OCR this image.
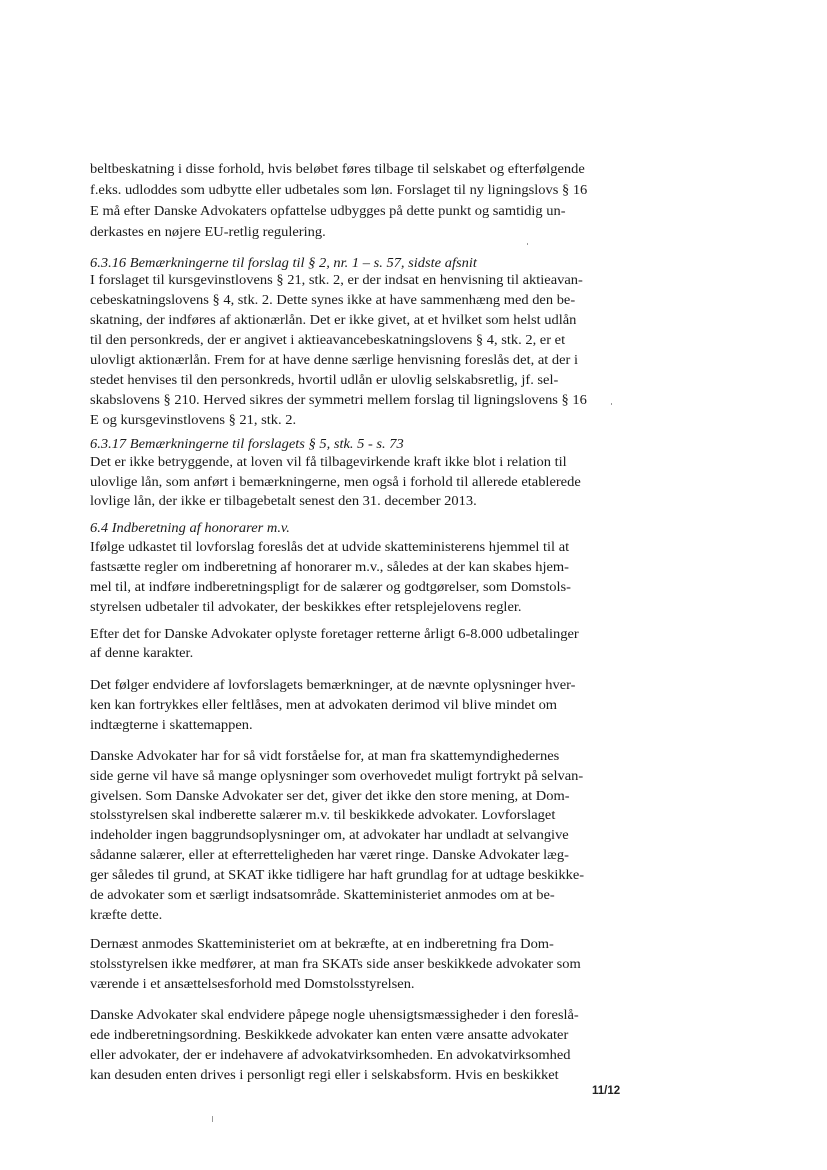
beltbeskatning i disse forhold, hvis beløbet føres tilbage til selskabet og efterfølgende
f.eks. udloddes som udbytte eller udbetales som løn. Forslaget til ny ligningslovs § 16
E må efter Danske Advokaters opfattelse udbygges på dette punkt og samtidig un-
derkastes en nøjere EU-retlig regulering.
6.3.16 Bemærkningerne til forslag til § 2, nr. 1 – s. 57, sidste afsnit
I forslaget til kursgevinstlovens § 21, stk. 2, er der indsat en henvisning til aktieavan-
cebeskatningslovens § 4, stk. 2. Dette synes ikke at have sammenhæng med den be-
skatning, der indføres af aktionærlån. Det er ikke givet, at et hvilket som helst udlån
til den personkreds, der er angivet i aktieavancebeskatningslovens § 4, stk. 2, er et
ulovligt aktionærlån. Frem for at have denne særlige henvisning foreslås det, at der i
stedet henvises til den personkreds, hvortil udlån er ulovlig selskabsretlig, jf. sel-
skabslovens § 210. Herved sikres der symmetri mellem forslag til ligningslovens § 16
E og kursgevinstlovens § 21, stk. 2.
6.3.17 Bemærkningerne til forslagets § 5, stk. 5 - s. 73
Det er ikke betryggende, at loven vil få tilbagevirkende kraft ikke blot i relation til
ulovlige lån, som anført i bemærkningerne, men også i forhold til allerede etablerede
lovlige lån, der ikke er tilbagebetalt senest den 31. december 2013.
6.4 Indberetning af honorarer m.v.
Ifølge udkastet til lovforslag foreslås det at udvide skatteministerens hjemmel til at
fastsætte regler om indberetning af honorarer m.v., således at der kan skabes hjem-
mel til, at indføre indberetningspligt for de salærer og godtgørelser, som Domstols-
styrelsen udbetaler til advokater, der beskikkes efter retsplejelovens regler.
Efter det for Danske Advokater oplyste foretager retterne årligt 6-8.000 udbetalinger
af denne karakter.
Det følger endvidere af lovforslagets bemærkninger, at de nævnte oplysninger hver-
ken kan fortrykkes eller feltlåses, men at advokaten derimod vil blive mindet om
indtægterne i skattemappen.
Danske Advokater har for så vidt forståelse for, at man fra skattemyndighedernes
side gerne vil have så mange oplysninger som overhovedet muligt fortrykt på selvan-
givelsen. Som Danske Advokater ser det, giver det ikke den store mening, at Dom-
stolsstyrelsen skal indberette salærer m.v. til beskikkede advokater. Lovforslaget
indeholder ingen baggrundsoplysninger om, at advokater har undladt at selvangive
sådanne salærer, eller at efterretteligheden har været ringe. Danske Advokater læg-
ger således til grund, at SKAT ikke tidligere har haft grundlag for at udtage beskikke-
de advokater som et særligt indsatsområde. Skatteministeriet anmodes om at be-
kræfte dette.
Dernæst anmodes Skatteministeriet om at bekræfte, at en indberetning fra Dom-
stolsstyrelsen ikke medfører, at man fra SKATs side anser beskikkede advokater som
værende i et ansættelsesforhold med Domstolsstyrelsen.
Danske Advokater skal endvidere påpege nogle uhensigtsmæssigheder i den foreslå-
ede indberetningsordning. Beskikkede advokater kan enten være ansatte advokater
eller advokater, der er indehavere af advokatvirksomheden. En advokatvirksomhed
kan desuden enten drives i personligt regi eller i selskabsform. Hvis en beskikket
11/12
